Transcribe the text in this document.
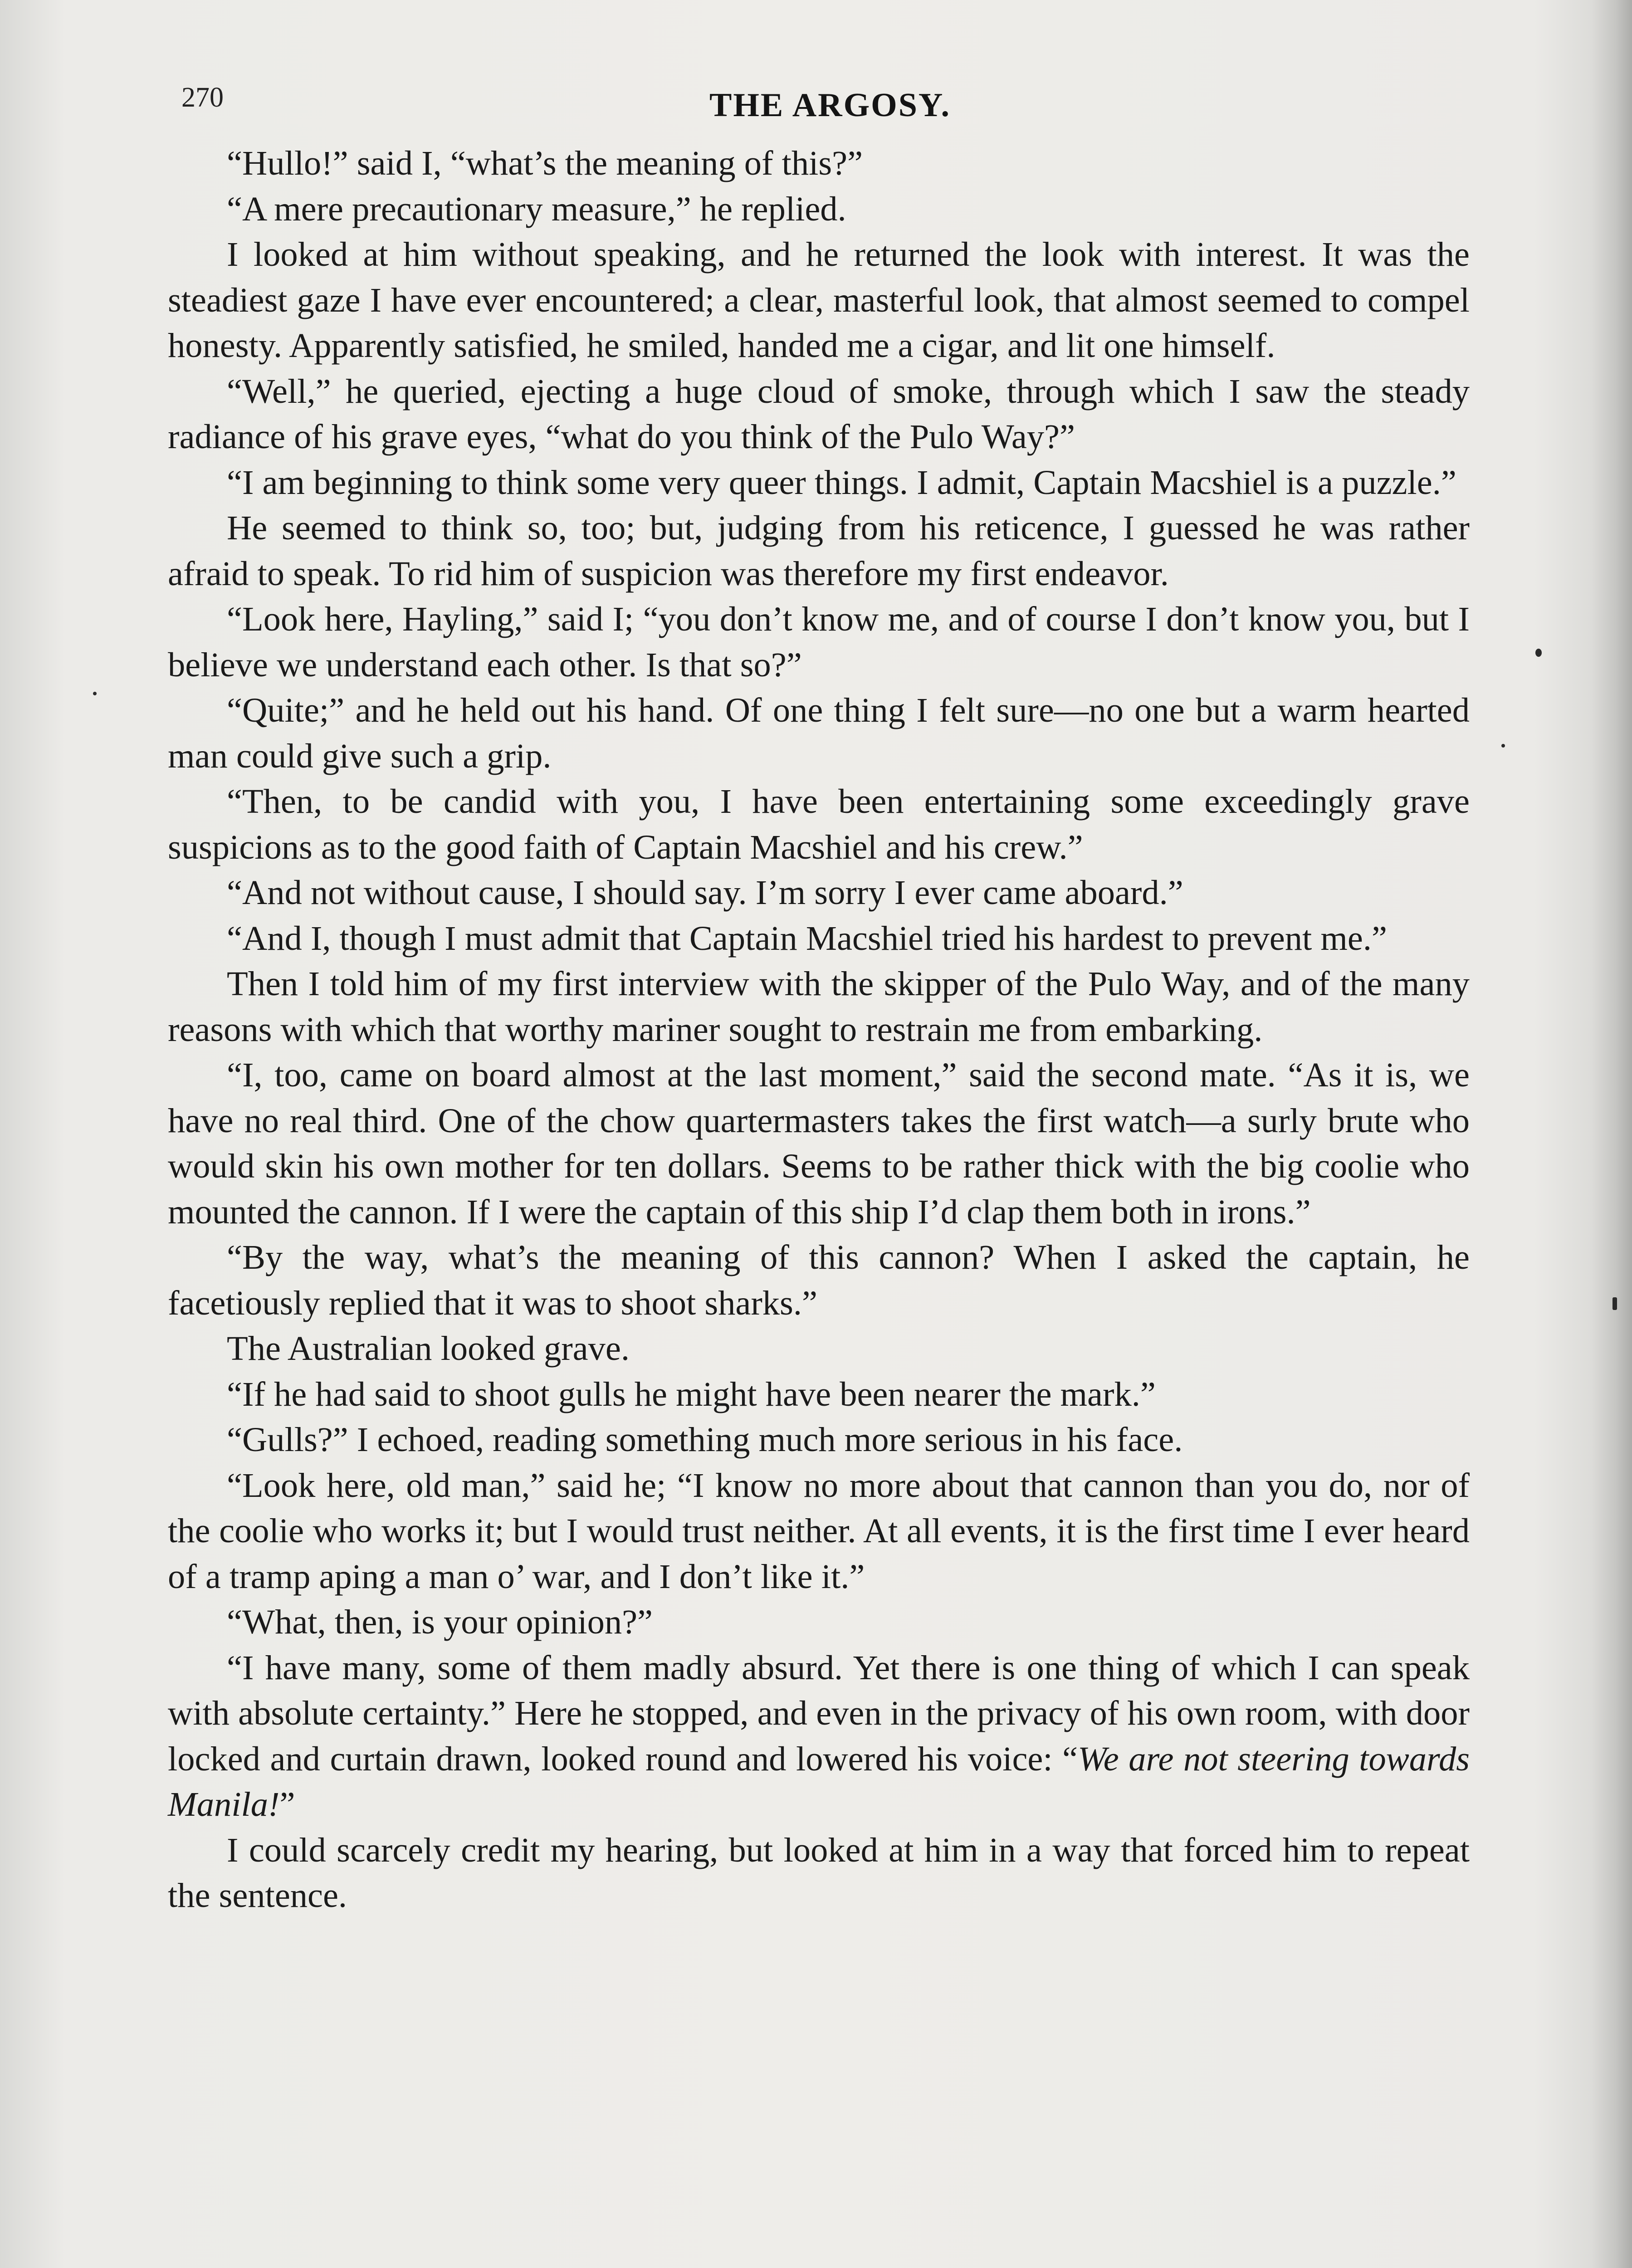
270	THE ARGOSY.

“Hullo!” said I, “what’s the meaning of this?”

“A mere precautionary measure,” he replied.

I looked at him without speaking, and he returned the look with interest. It was the steadiest gaze I have ever encountered; a clear, masterful look, that almost seemed to compel honesty. Apparently satisfied, he smiled, handed me a cigar, and lit one himself.

“Well,” he queried, ejecting a huge cloud of smoke, through which I saw the steady radiance of his grave eyes, “what do you think of the Pulo Way?”

“I am beginning to think some very queer things. I admit, Captain Macshiel is a puzzle.”

He seemed to think so, too; but, judging from his reticence, I guessed he was rather afraid to speak. To rid him of suspicion was therefore my first endeavor.

“Look here, Hayling,” said I; “you don’t know me, and of course I don’t know you, but I believe we understand each other. Is that so?”

“Quite;” and he held out his hand. Of one thing I felt sure—no one but a warm hearted man could give such a grip.

“Then, to be candid with you, I have been entertaining some exceedingly grave suspicions as to the good faith of Captain Macshiel and his crew.”

“And not without cause, I should say. I’m sorry I ever came aboard.”

“And I, though I must admit that Captain Macshiel tried his hardest to prevent me.”

Then I told him of my first interview with the skipper of the Pulo Way, and of the many reasons with which that worthy mariner sought to restrain me from embarking.

“I, too, came on board almost at the last moment,” said the second mate. “As it is, we have no real third. One of the chow quartermasters takes the first watch—a surly brute who would skin his own mother for ten dollars. Seems to be rather thick with the big coolie who mounted the cannon. If I were the captain of this ship I’d clap them both in irons.”

“By the way, what’s the meaning of this cannon? When I asked the captain, he facetiously replied that it was to shoot sharks.”

The Australian looked grave.

“If he had said to shoot gulls he might have been nearer the mark.”

“Gulls?” I echoed, reading something much more serious in his face.

“Look here, old man,” said he; “I know no more about that cannon than you do, nor of the coolie who works it; but I would trust neither. At all events, it is the first time I ever heard of a tramp aping a man o’ war, and I don’t like it.”

“What, then, is your opinion?”

“I have many, some of them madly absurd. Yet there is one thing of which I can speak with absolute certainty.” Here he stopped, and even in the privacy of his own room, with door locked and curtain drawn, looked round and lowered his voice: “We are not steering towards Manila!”

I could scarcely credit my hearing, but looked at him in a way that forced him to repeat the sentence.
